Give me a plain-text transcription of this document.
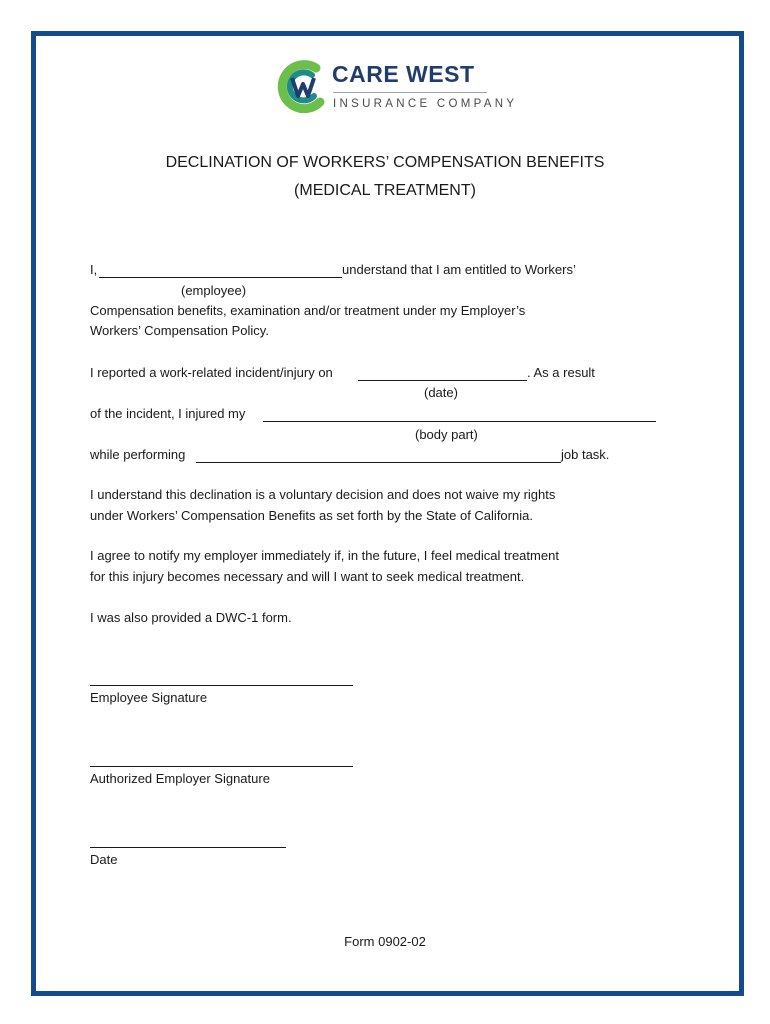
CARE WEST
INSURANCE COMPANY
DECLINATION OF WORKERS’ COMPENSATION BENEFITS
(MEDICAL TREATMENT)
I,	understand that I am entitled to Workers’
(employee)
Compensation benefits, examination and/or treatment under my Employer’s
Workers’ Compensation Policy.
I reported a work-related incident/injury on	. As a result
(date)
of the incident, I injured my
(body part)
while performing	job task.
I understand this declination is a voluntary decision and does not waive my rights
under Workers’ Compensation Benefits as set forth by the State of California.
I agree to notify my employer immediately if, in the future, I feel medical treatment
for this injury becomes necessary and will I want to seek medical treatment.
I was also provided a DWC-1 form.
Employee Signature
Authorized Employer Signature
Date
Form 0902-02
